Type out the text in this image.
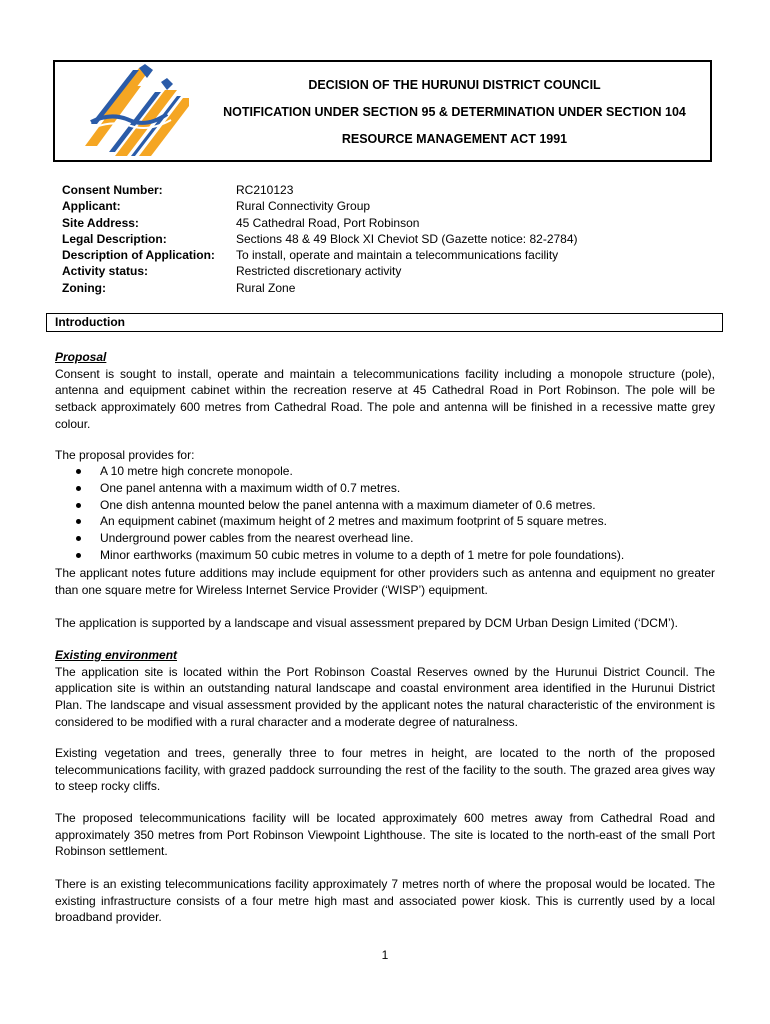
DECISION OF THE HURUNUI DISTRICT COUNCIL
NOTIFICATION UNDER SECTION 95 & DETERMINATION UNDER SECTION 104
RESOURCE MANAGEMENT ACT 1991
Consent Number:	RC210123
Applicant:	Rural Connectivity Group
Site Address:	45 Cathedral Road, Port Robinson
Legal Description:	Sections 48 & 49 Block XI Cheviot SD (Gazette notice: 82-2784)
Description of Application:	To install, operate and maintain a telecommunications facility
Activity status:	Restricted discretionary activity
Zoning:	Rural Zone
Introduction
Proposal
Consent is sought to install, operate and maintain a telecommunications facility including a monopole structure (pole), antenna and equipment cabinet within the recreation reserve at 45 Cathedral Road in Port Robinson. The pole will be setback approximately 600 metres from Cathedral Road. The pole and antenna will be finished in a recessive matte grey colour.
The proposal provides for:
A 10 metre high concrete monopole.
One panel antenna with a maximum width of 0.7 metres.
One dish antenna mounted below the panel antenna with a maximum diameter of 0.6 metres.
An equipment cabinet (maximum height of 2 metres and maximum footprint of 5 square metres.
Underground power cables from the nearest overhead line.
Minor earthworks (maximum 50 cubic metres in volume to a depth of 1 metre for pole foundations).
The applicant notes future additions may include equipment for other providers such as antenna and equipment no greater than one square metre for Wireless Internet Service Provider (‘WISP’) equipment.
The application is supported by a landscape and visual assessment prepared by DCM Urban Design Limited (‘DCM’).
Existing environment
The application site is located within the Port Robinson Coastal Reserves owned by the Hurunui District Council. The application site is within an outstanding natural landscape and coastal environment area identified in the Hurunui District Plan. The landscape and visual assessment provided by the applicant notes the natural characteristic of the environment is considered to be modified with a rural character and a moderate degree of naturalness.
Existing vegetation and trees, generally three to four metres in height, are located to the north of the proposed telecommunications facility, with grazed paddock surrounding the rest of the facility to the south. The grazed area gives way to steep rocky cliffs.
The proposed telecommunications facility will be located approximately 600 metres away from Cathedral Road and approximately 350 metres from Port Robinson Viewpoint Lighthouse. The site is located to the north-east of the small Port Robinson settlement.
There is an existing telecommunications facility approximately 7 metres north of where the proposal would be located. The existing infrastructure consists of a four metre high mast and associated power kiosk. This is currently used by a local broadband provider.
1
